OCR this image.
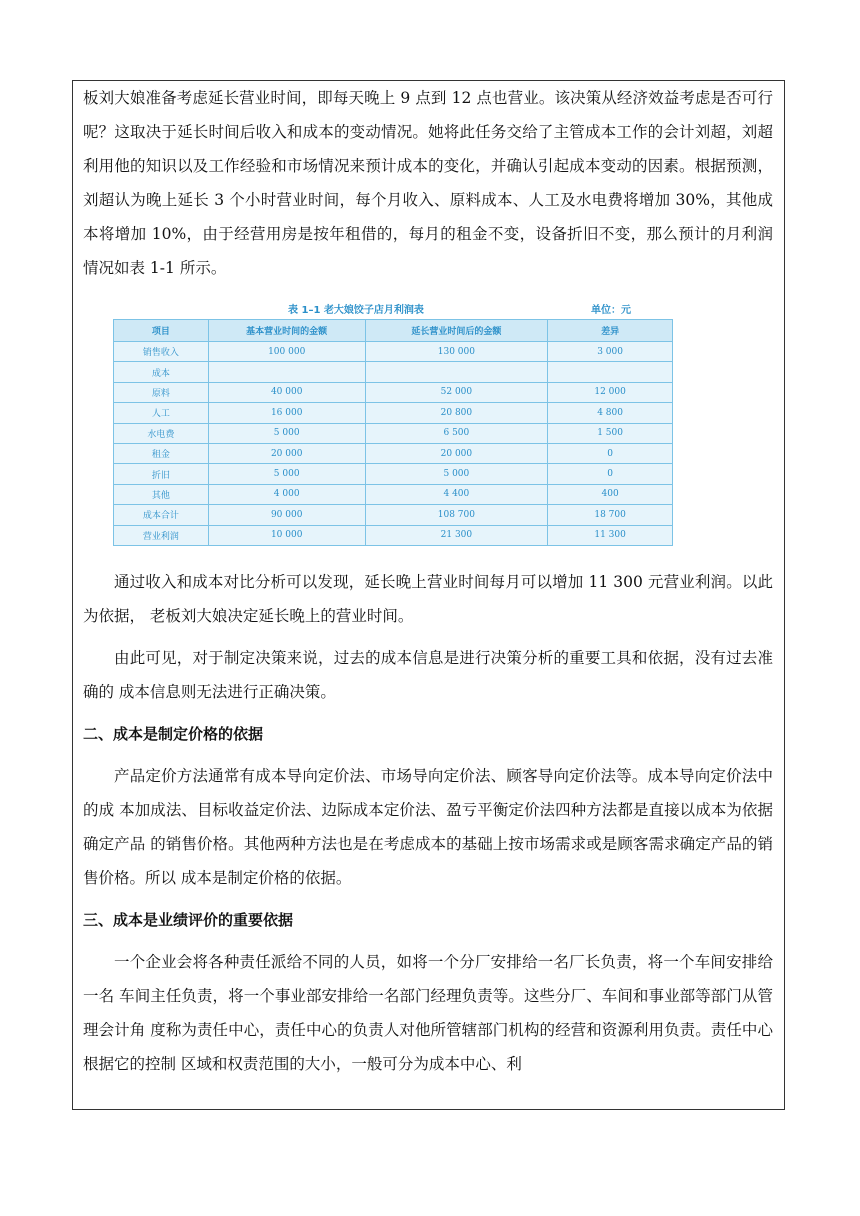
板刘大娘准备考虑延长营业时间，即每天晚上 9 点到 12 点也营业。该决策从经济效益考虑是否可行呢？这取决于延长时间后收入和成本的变动情况。她将此任务交给了主管成本工作的会计刘超，刘超利用他的知识以及工作经验和市场情况来预计成本的变化，并确认引起成本变动的因素。根据预测，刘超认为晚上延长 3 个小时营业时间，每个月收入、原料成本、人工及水电费将增加 30%，其他成本将增加 10%，由于经营用房是按年租借的，每月的租金不变，设备折旧不变，那么预计的月利润情况如表 1-1 所示。

表 1–1 老大娘饺子店月利润表	单位：元
项目	基本营业时间的金额	延长营业时间后的金额	差异
销售收入	100 000	130 000	3 000
成本			
原料	40 000	52 000	12 000
人工	16 000	20 800	4 800
水电费	5 000	6 500	1 500
租金	20 000	20 000	0
折旧	5 000	5 000	0
其他	4 000	4 400	400
成本合计	90 000	108 700	18 700
营业利润	10 000	21 300	11 300

通过收入和成本对比分析可以发现，延长晚上营业时间每月可以增加 11 300 元营业利润。以此为依据， 老板刘大娘决定延长晚上的营业时间。

由此可见，对于制定决策来说，过去的成本信息是进行决策分析的重要工具和依据，没有过去准确的 成本信息则无法进行正确决策。

二、成本是制定价格的依据

产品定价方法通常有成本导向定价法、市场导向定价法、顾客导向定价法等。成本导向定价法中的成 本加成法、目标收益定价法、边际成本定价法、盈亏平衡定价法四种方法都是直接以成本为依据确定产品 的销售价格。其他两种方法也是在考虑成本的基础上按市场需求或是顾客需求确定产品的销售价格。所以 成本是制定价格的依据。

三、成本是业绩评价的重要依据

一个企业会将各种责任派给不同的人员，如将一个分厂安排给一名厂长负责，将一个车间安排给一名 车间主任负责，将一个事业部安排给一名部门经理负责等。这些分厂、车间和事业部等部门从管理会计角 度称为责任中心，责任中心的负责人对他所管辖部门机构的经营和资源利用负责。责任中心根据它的控制 区域和权责范围的大小，一般可分为成本中心、利
